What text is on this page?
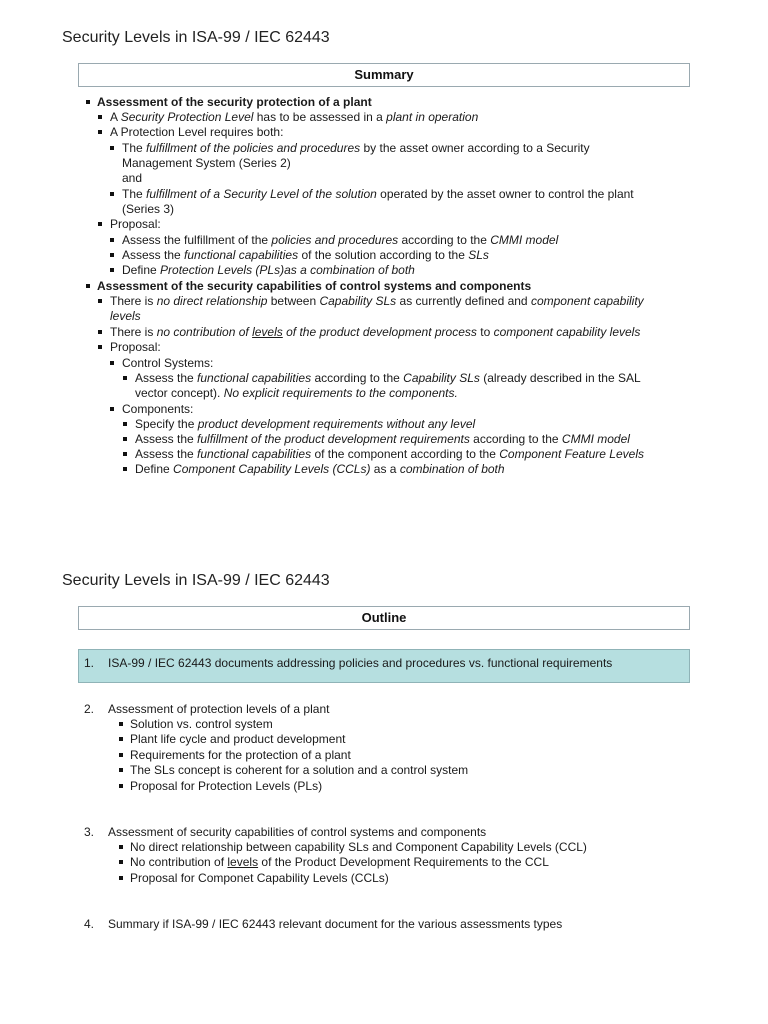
Security Levels in ISA-99 / IEC 62443
Summary
Assessment of the security protection of a plant
A Security Protection Level has to be assessed in a plant in operation
A Protection Level requires both:
The fulfillment of the policies and procedures by the asset owner according to a Security
Management System (Series 2)
and
The fulfillment of a Security Level of the solution operated by the asset owner to control the plant
(Series 3)
Proposal:
Assess the fulfillment of the policies and procedures according to the CMMI model
Assess the functional capabilities of the solution according to the SLs
Define Protection Levels (PLs)as a combination of both
Assessment of the security capabilities of control systems and components
There is no direct relationship between Capability SLs as currently defined and component capability
levels
There is no contribution of levels of the product development process to component capability levels
Proposal:
Control Systems:
Assess the functional capabilities according to the Capability SLs (already described in the SAL
vector concept). No explicit requirements to the components.
Components:
Specify the product development requirements without any level
Assess the fulfillment of the product development requirements according to the CMMI model
Assess the functional capabilities of the component according to the Component Feature Levels
Define Component Capability Levels (CCLs) as a combination of both
Security Levels in ISA-99 / IEC 62443
Outline
1. ISA-99 / IEC 62443 documents addressing policies and procedures vs. functional requirements
2. Assessment of protection levels of a plant
Solution vs. control system
Plant life cycle and product development
Requirements for the protection of a plant
The SLs concept is coherent for a solution and a control system
Proposal for Protection Levels (PLs)
3. Assessment of security capabilities of control systems and components
No direct relationship between capability SLs and Component Capability Levels (CCL)
No contribution of levels of the Product Development Requirements to the CCL
Proposal for Componet Capability Levels (CCLs)
4. Summary if ISA-99 / IEC 62443 relevant document for the various assessments types
